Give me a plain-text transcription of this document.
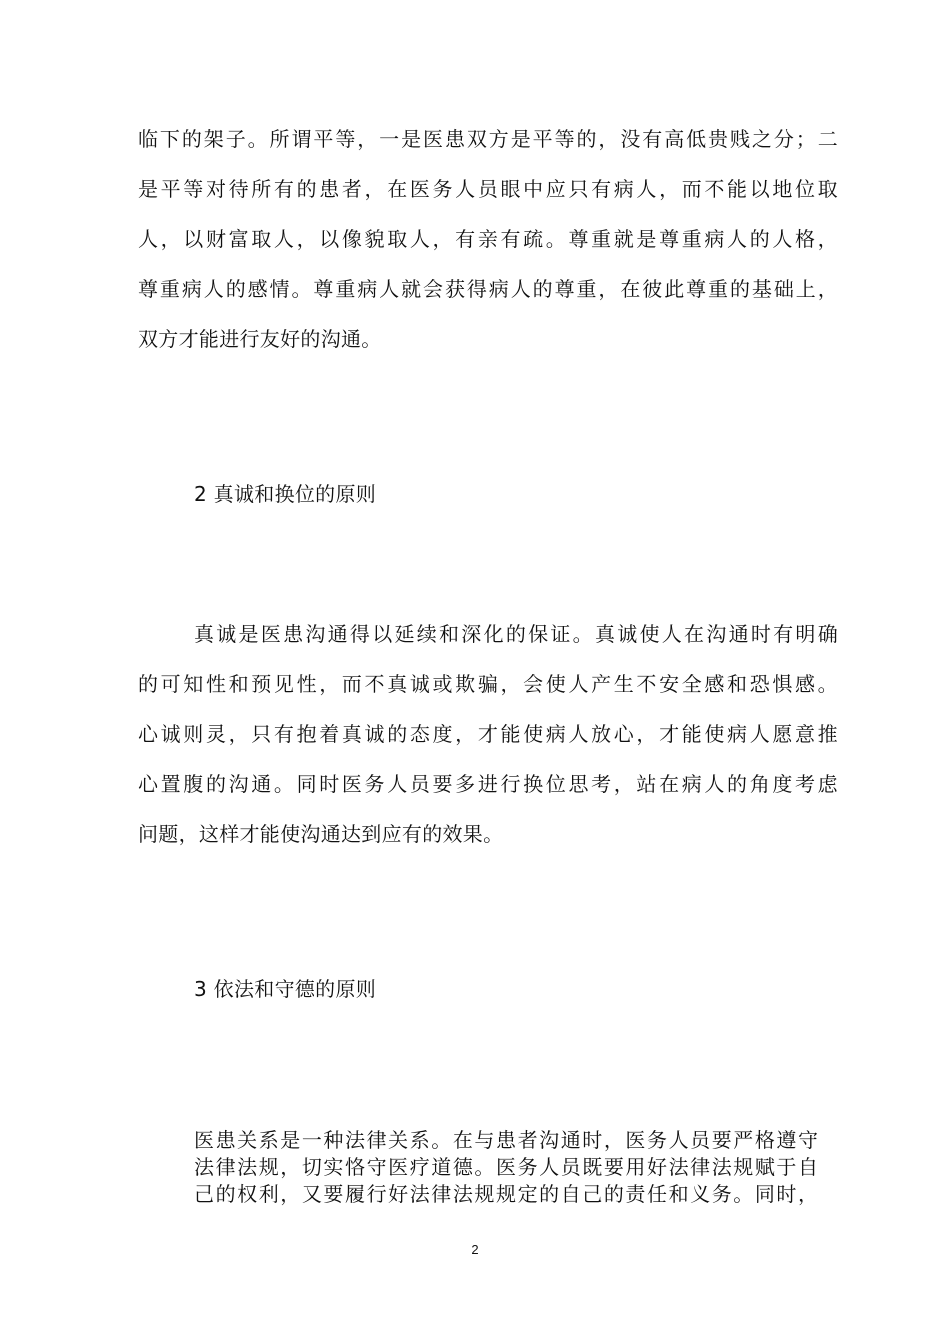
临下的架子。所谓平等，一是医患双方是平等的，没有高低贵贱之分；二
是平等对待所有的患者，在医务人员眼中应只有病人，而不能以地位取
人，以财富取人，以像貌取人，有亲有疏。尊重就是尊重病人的人格，
尊重病人的感情。尊重病人就会获得病人的尊重，在彼此尊重的基础上，
双方才能进行友好的沟通。
2 真诚和换位的原则
真诚是医患沟通得以延续和深化的保证。真诚使人在沟通时有明确
的可知性和预见性，而不真诚或欺骗，会使人产生不安全感和恐惧感。
心诚则灵，只有抱着真诚的态度，才能使病人放心，才能使病人愿意推
心置腹的沟通。同时医务人员要多进行换位思考，站在病人的角度考虑
问题，这样才能使沟通达到应有的效果。
3 依法和守德的原则
医患关系是一种法律关系。在与患者沟通时，医务人员要严格遵守
法律法规，切实恪守医疗道德。医务人员既要用好法律法规赋于自
己的权利，又要履行好法律法规规定的自己的责任和义务。同时，
2
